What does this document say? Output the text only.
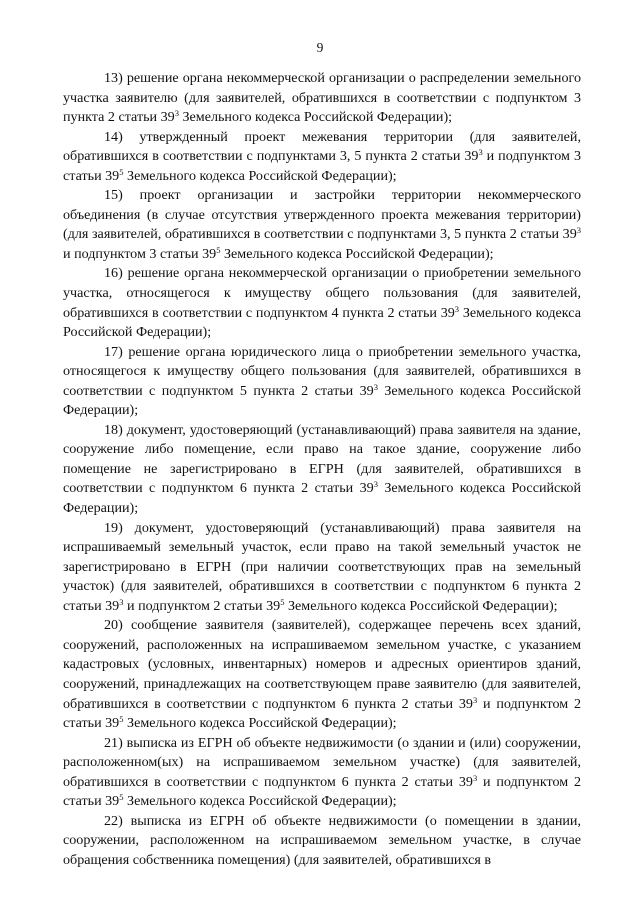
9

13) решение органа некоммерческой организации о распределении земельного участка заявителю (для заявителей, обратившихся в соответствии с подпунктом 3 пункта 2 статьи $39^3$ Земельного кодекса Российской Федерации);

14) утвержденный проект межевания территории (для заявителей, обратившихся в соответствии с подпунктами 3, 5 пункта 2 статьи $39^3$ и подпунктом 3 статьи $39^5$ Земельного кодекса Российской Федерации);

15) проект организации и застройки территории некоммерческого объединения (в случае отсутствия утвержденного проекта межевания территории) (для заявителей, обратившихся в соответствии с подпунктами 3, 5 пункта 2 статьи $39^3$ и подпунктом 3 статьи $39^5$ Земельного кодекса Российской Федерации);

16) решение органа некоммерческой организации о приобретении земельного участка, относящегося к имуществу общего пользования (для заявителей, обратившихся в соответствии с подпунктом 4 пункта 2 статьи $39^3$ Земельного кодекса Российской Федерации);

17) решение органа юридического лица о приобретении земельного участка, относящегося к имуществу общего пользования (для заявителей, обратившихся в соответствии с подпунктом 5 пункта 2 статьи $39^3$ Земельного кодекса Российской Федерации);

18) документ, удостоверяющий (устанавливающий) права заявителя на здание, сооружение либо помещение, если право на такое здание, сооружение либо помещение не зарегистрировано в ЕГРН (для заявителей, обратившихся в соответствии с подпунктом 6 пункта 2 статьи $39^3$ Земельного кодекса Российской Федерации);

19) документ, удостоверяющий (устанавливающий) права заявителя на испрашиваемый земельный участок, если право на такой земельный участок не зарегистрировано в ЕГРН (при наличии соответствующих прав на земельный участок) (для заявителей, обратившихся в соответствии с подпунктом 6 пункта 2 статьи $39^3$ и подпунктом 2 статьи $39^5$ Земельного кодекса Российской Федерации);

20) сообщение заявителя (заявителей), содержащее перечень всех зданий, сооружений, расположенных на испрашиваемом земельном участке, с указанием кадастровых (условных, инвентарных) номеров и адресных ориентиров зданий, сооружений, принадлежащих на соответствующем праве заявителю (для заявителей, обратившихся в соответствии с подпунктом 6 пункта 2 статьи $39^3$ и подпунктом 2 статьи $39^5$ Земельного кодекса Российской Федерации);

21) выписка из ЕГРН об объекте недвижимости (о здании и (или) сооружении, расположенном(ых) на испрашиваемом земельном участке) (для заявителей, обратившихся в соответствии с подпунктом 6 пункта 2 статьи $39^3$ и подпунктом 2 статьи $39^5$ Земельного кодекса Российской Федерации);

22) выписка из ЕГРН об объекте недвижимости (о помещении в здании, сооружении, расположенном на испрашиваемом земельном участке, в случае обращения собственника помещения) (для заявителей, обратившихся в
